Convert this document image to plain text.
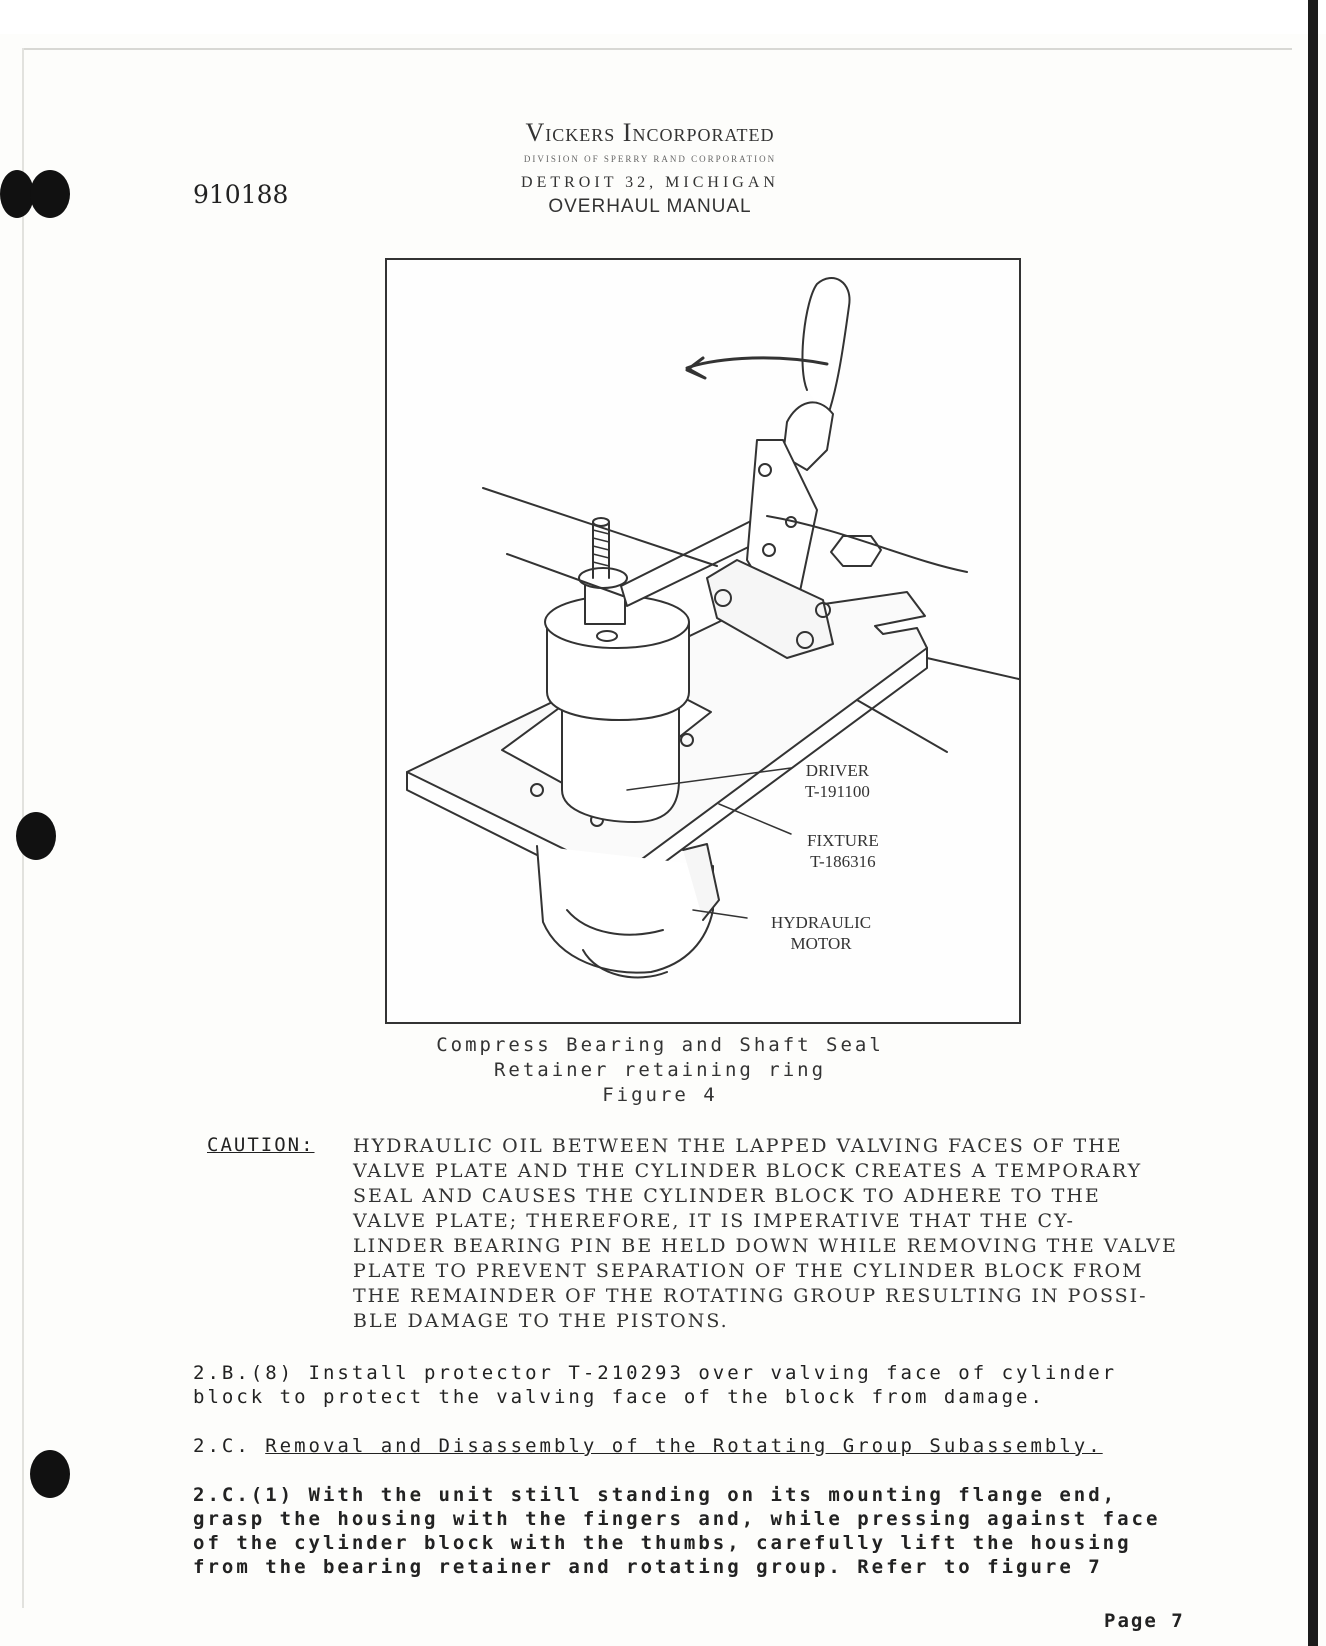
910188
Vickers Incorporated
DIVISION OF SPERRY RAND CORPORATION
DETROIT 32, MICHIGAN
OVERHAUL MANUAL
DRIVER
T-191100
FIXTURE
T-186316
HYDRAULIC
MOTOR
Compress Bearing and Shaft Seal
Retainer retaining ring
Figure 4
CAUTION: HYDRAULIC OIL BETWEEN THE LAPPED VALVING FACES OF THE
VALVE PLATE AND THE CYLINDER BLOCK CREATES A TEMPORARY
SEAL AND CAUSES THE CYLINDER BLOCK TO ADHERE TO THE
VALVE PLATE; THEREFORE, IT IS IMPERATIVE THAT THE CY-
LINDER BEARING PIN BE HELD DOWN WHILE REMOVING THE VALVE
PLATE TO PREVENT SEPARATION OF THE CYLINDER BLOCK FROM
THE REMAINDER OF THE ROTATING GROUP RESULTING IN POSSI-
BLE DAMAGE TO THE PISTONS.
2.B.(8) Install protector T-210293 over valving face of cylinder
block to protect the valving face of the block from damage.
2.C. Removal and Disassembly of the Rotating Group Subassembly.
2.C.(1) With the unit still standing on its mounting flange end,
grasp the housing with the fingers and, while pressing against face
of the cylinder block with the thumbs, carefully lift the housing
from the bearing retainer and rotating group. Refer to figure 7
Page 7
